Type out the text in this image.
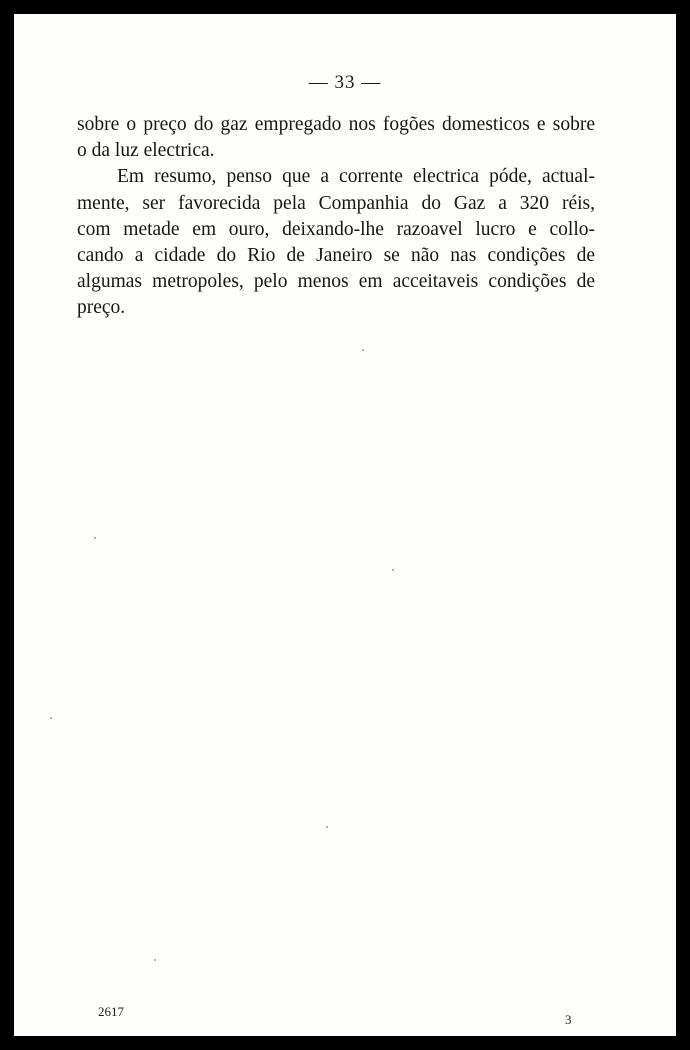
— 33 —
sobre o preço do gaz empregado nos fogões domesticos e sobre
o da luz electrica.
Em resumo, penso que a corrente electrica póde, actual-
mente, ser favorecida pela Companhia do Gaz a 320 réis,
com metade em ouro, deixando-lhe razoavel lucro e collo-
cando a cidade do Rio de Janeiro se não nas condições de
algumas metropoles, pelo menos em acceitaveis condições de
preço.
2617
3
